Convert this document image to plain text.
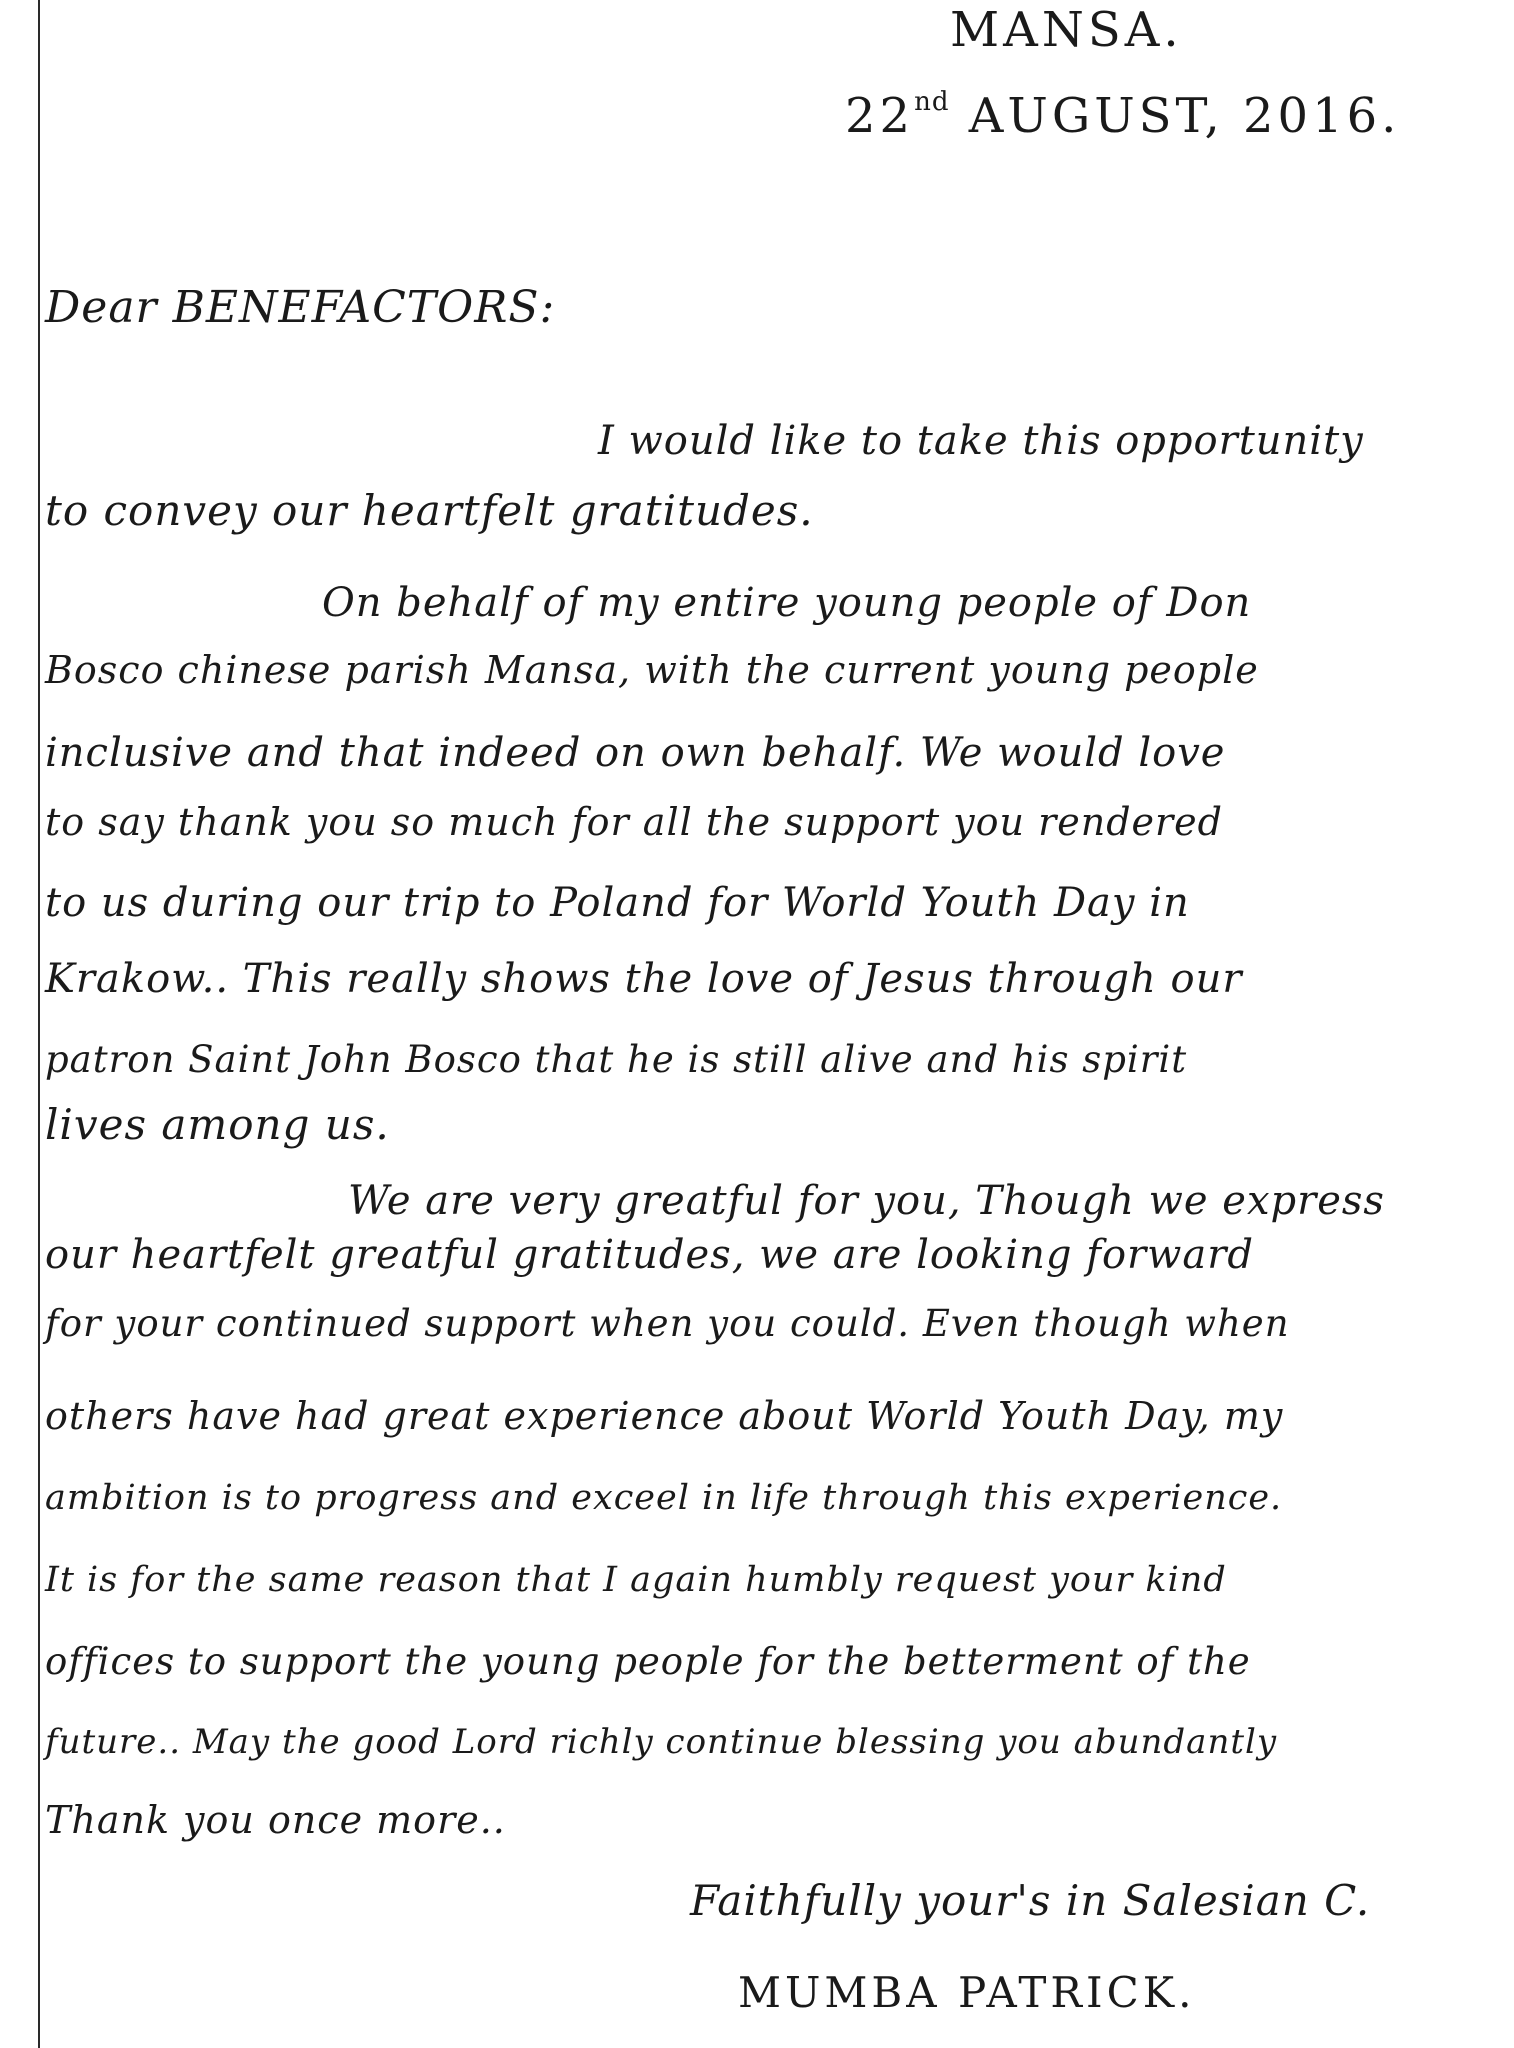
MANSA.
22nd AUGUST, 2016.
Dear BENEFACTORS:
I would like to take this opportunity
to convey our heartfelt gratitudes.
On behalf of my entire young people of Don
Bosco chinese parish Mansa, with the current young people
inclusive and that indeed on own behalf. We would love
to say thank you so much for all the support you rendered
to us during our trip to Poland for World Youth Day in
Krakow.. This really shows the love of Jesus through our
patron Saint John Bosco that he is still alive and his spirit
lives among us.
We are very greatful for you, Though we express
our heartfelt greatful gratitudes, we are looking forward
for your continued support when you could. Even though when
others have had great experience about World Youth Day, my
ambition is to progress and exceel in life through this experience.
It is for the same reason that I again humbly request your kind
offices to support the young people for the betterment of the
future.. May the good Lord richly continue blessing you abundantly
Thank you once more..
Faithfully your's in Salesian C.
MUMBA PATRICK.
